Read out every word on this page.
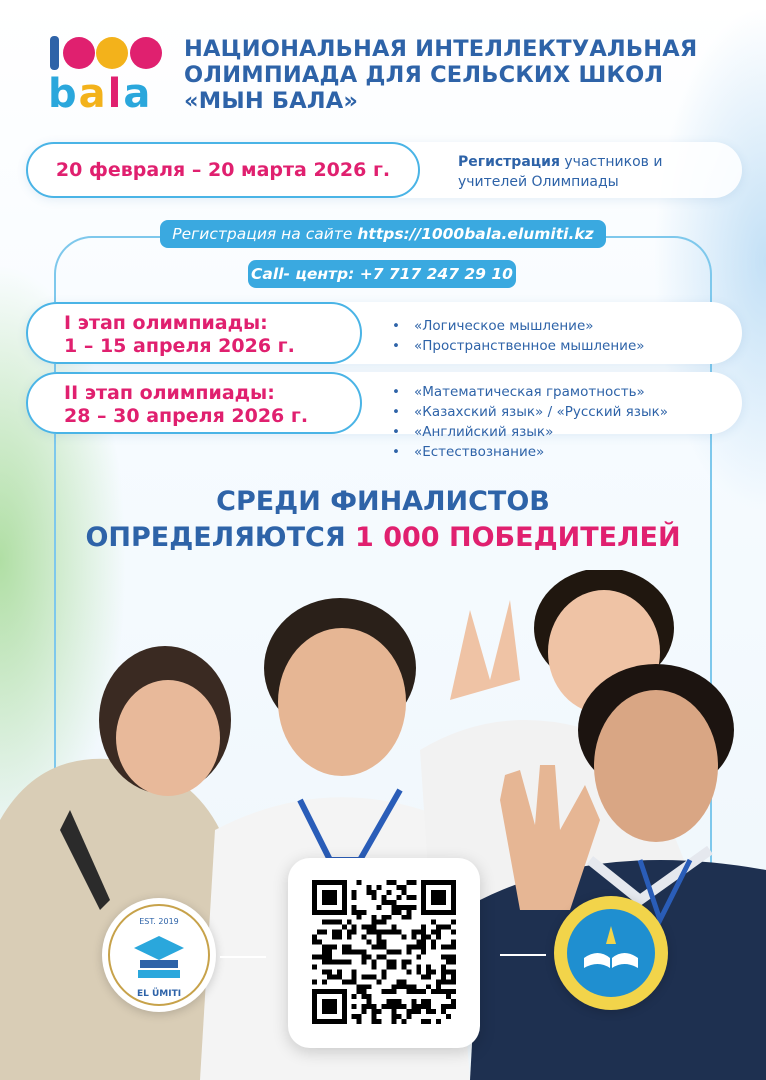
bala
НАЦИОНАЛЬНАЯ ИНТЕЛЛЕКТУАЛЬНАЯ ОЛИМПИАДА ДЛЯ СЕЛЬСКИХ ШКОЛ «МЫН БАЛА»
20 февраля – 20 марта 2026 г.	Регистрация участников и учителей Олимпиады
Регистрация на сайте https://1000bala.elumiti.kz
Call- центр: +7 717 247 29 10
I этап олимпиады:
1 – 15 апреля 2026 г.
• «Логическое мышление»
• «Пространственное мышление»
II этап олимпиады:
28 – 30 апреля 2026 г.
• «Математическая грамотность»
• «Казахский язык» / «Русский язык»
• «Английский язык»
• «Естествознание»
СРЕДИ ФИНАЛИСТОВ
ОПРЕДЕЛЯЮТСЯ 1 000 ПОБЕДИТЕЛЕЙ
EST. 2019
EL ÜMITI
